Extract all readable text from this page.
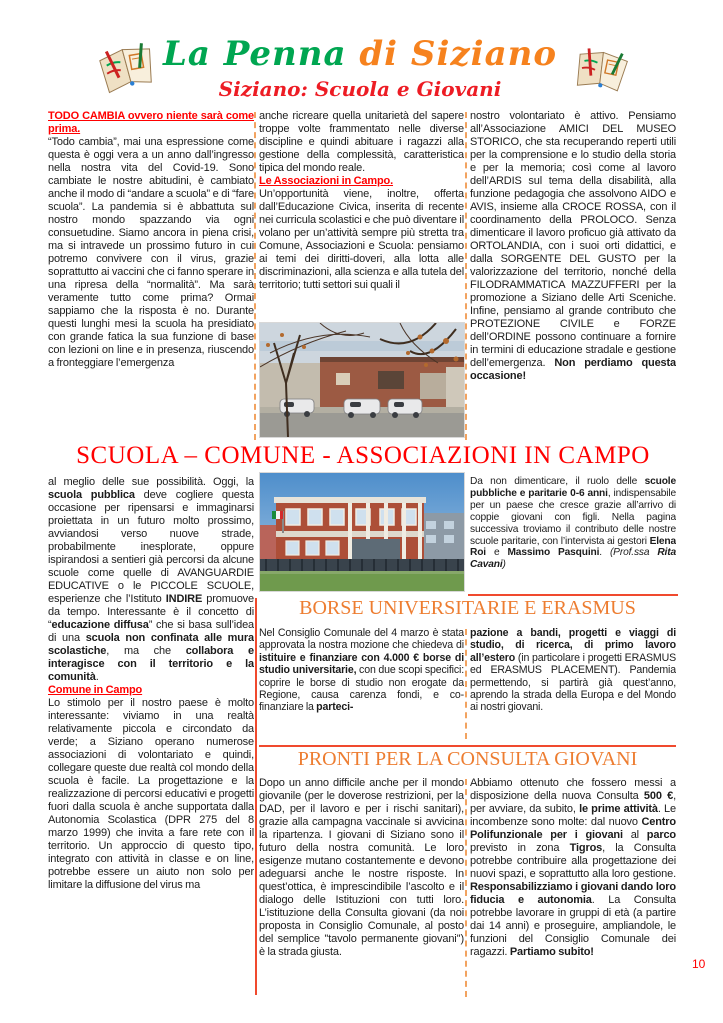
La Penna di Siziano
Siziano: Scuola e Giovani
TODO CAMBIA ovvero niente sarà come prima.

“Todo cambia”, mai una espressione come questa è oggi vera a un anno dall’ingresso nella nostra vita del Covid-19. Sono cambiate le nostre abitudini, è cambiato anche il modo di “andare a scuola” e di “fare scuola”. La pandemia si è abbattuta sul nostro mondo spazzando via ogni consuetudine. Siamo ancora in piena crisi, ma si intravede un prossimo futuro in cui potremo convivere con il virus, grazie soprattutto ai vaccini che ci fanno sperare in una ripresa della “normalità”. Ma sarà veramente tutto come prima? Ormai sappiamo che la risposta è no. Durante questi lunghi mesi la scuola ha presidiato con grande fatica la sua funzione di base con lezioni on line e in presenza, riuscendo a fronteggiare l’emergenza

anche ricreare quella unitarietà del sapere troppe volte frammentato nelle diverse discipline e quindi abituare i ragazzi alla gestione della complessità, caratteristica tipica del mondo reale.

Le Associazioni in Campo.

Un’opportunità viene, inoltre, offerta dall’Educazione Civica, inserita di recente nei curricula scolastici e che può diventare il volano per un’attività sempre più stretta tra Comune, Associazioni e Scuola: pensiamo ai temi dei diritti-doveri, alla lotta alle discriminazioni, alla scienza e alla tutela del territorio; tutti settori sui quali il

nostro volontariato è attivo. Pensiamo all’Associazione AMICI DEL MUSEO STORICO, che sta recuperando reperti utili per la comprensione e lo studio della storia e per la memoria; così come al lavoro dell’ARDIS sul tema della disabilità, alla funzione pedagogia che assolvono AIDO e AVIS, insieme alla CROCE ROSSA, con il coordinamento della PROLOCO. Senza dimenticare il lavoro proficuo già attivato da ORTOLANDIA, con i suoi orti didattici, e dalla SORGENTE DEL GUSTO per la valorizzazione del territorio, nonché della FILODRAMMATICA MAZZUFFERI per la promozione a Siziano delle Arti Sceniche. Infine, pensiamo al grande contributo che PROTEZIONE CIVILE e FORZE dell’ORDINE possono continuare a fornire in termini di educazione stradale e gestione dell’emergenza. Non perdiamo questa occasione!

SCUOLA – COMUNE - ASSOCIAZIONI IN CAMPO

al meglio delle sue possibilità. Oggi, la scuola pubblica deve cogliere questa occasione per ripensarsi e immaginarsi proiettata in un futuro molto prossimo, avviandosi verso nuove strade, probabilmente inesplorate, oppure ispirandosi a sentieri già percorsi da alcune scuole come quelle di AVANGUARDIE EDUCATIVE o le PICCOLE SCUOLE, esperienze che l’Istituto INDIRE promuove da tempo. Interessante è il concetto di “educazione diffusa” che si basa sull’idea di una scuola non confinata alle mura scolastiche, ma che collabora e interagisce con il territorio e la comunità.

Comune in Campo

Lo stimolo per il nostro paese è molto interessante: viviamo in una realtà relativamente piccola e circondato da verde; a Siziano operano numerose associazioni di volontariato e quindi, collegare queste due realtà col mondo della scuola è facile. La progettazione e la realizzazione di percorsi educativi e progetti fuori dalla scuola è anche supportata dalla Autonomia Scolastica (DPR 275 del 8 marzo 1999) che invita a fare rete con il territorio. Un approccio di questo tipo, integrato con attività in classe e on line, potrebbe essere un aiuto non solo per limitare la diffusione del virus ma

Da non dimenticare, il ruolo delle scuole pubbliche e paritarie 0-6 anni, indispensabile per un paese che cresce grazie all’arrivo di coppie giovani con figli. Nella pagina successiva troviamo il contributo delle nostre scuole paritarie, con l’intervista ai gestori Elena Roi e Massimo Pasquini. (Prof.ssa Rita Cavani)

BORSE UNIVERSITARIE E ERASMUS

Nel Consiglio Comunale del 4 marzo è stata approvata la nostra mozione che chiedeva di istituire e finanziare con 4.000 € borse di studio universitarie, con due scopi specifici: coprire le borse di studio non erogate da Regione, causa carenza fondi, e co-finanziare la parteci-

pazione a bandi, progetti e viaggi di studio, di ricerca, di primo lavoro all’estero (in particolare i progetti ERASMUS ed ERASMUS PLACEMENT). Pandemia permettendo, si partirà già quest’anno, aprendo la strada della Europa e del Mondo ai nostri giovani.

PRONTI PER LA CONSULTA GIOVANI

Dopo un anno difficile anche per il mondo giovanile (per le doverose restrizioni, per la DAD, per il lavoro e per i rischi sanitari), grazie alla campagna vaccinale si avvicina la ripartenza. I giovani di Siziano sono il futuro della nostra comunità. Le loro esigenze mutano costantemente e devono adeguarsi anche le nostre risposte. In quest’ottica, è imprescindibile l’ascolto e il dialogo delle Istituzioni con tutti loro. L’istituzione della Consulta giovani (da noi proposta in Consiglio Comunale, al posto del semplice ''tavolo permanente giovani'') è la strada giusta.

Abbiamo ottenuto che fossero messi a disposizione della nuova Consulta 500 €, per avviare, da subito, le prime attività. Le incombenze sono molte: dal nuovo Centro Polifunzionale per i giovani al parco previsto in zona Tigros, la Consulta potrebbe contribuire alla progettazione dei nuovi spazi, e soprattutto alla loro gestione. Responsabilizziamo i giovani dando loro fiducia e autonomia. La Consulta potrebbe lavorare in gruppi di età (a partire dai 14 anni) e proseguire, ampliandole, le funzioni del Consiglio Comunale dei ragazzi. Partiamo subito!

10
